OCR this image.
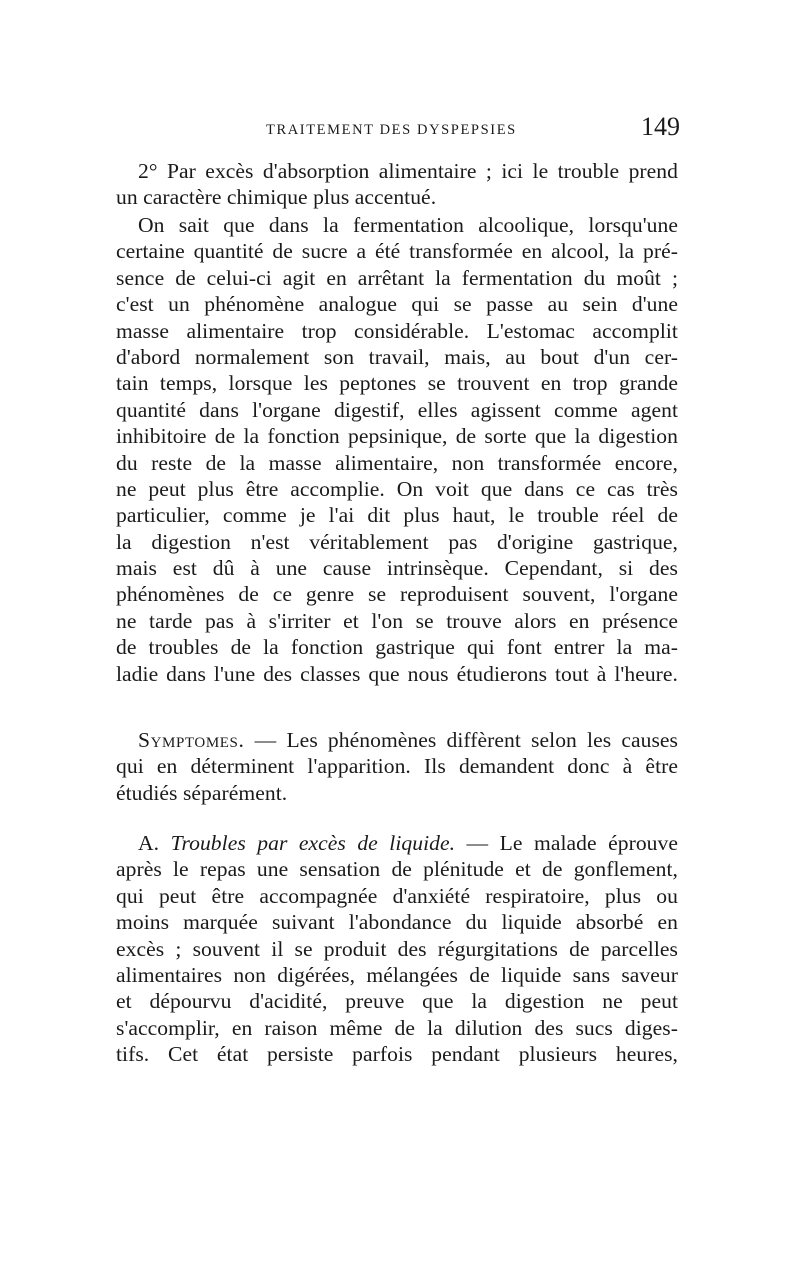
TRAITEMENT DES DYSPEPSIES	149
2° Par excès d'absorption alimentaire ; ici le trouble prend
un caractère chimique plus accentué.
On sait que dans la fermentation alcoolique, lorsqu'une
certaine quantité de sucre a été transformée en alcool, la pré-
sence de celui-ci agit en arrêtant la fermentation du moût ;
c'est un phénomène analogue qui se passe au sein d'une
masse alimentaire trop considérable. L'estomac accomplit
d'abord normalement son travail, mais, au bout d'un cer-
tain temps, lorsque les peptones se trouvent en trop grande
quantité dans l'organe digestif, elles agissent comme agent
inhibitoire de la fonction pepsinique, de sorte que la digestion
du reste de la masse alimentaire, non transformée encore,
ne peut plus être accomplie. On voit que dans ce cas très
particulier, comme je l'ai dit plus haut, le trouble réel de
la digestion n'est véritablement pas d'origine gastrique,
mais est dû à une cause intrinsèque. Cependant, si des
phénomènes de ce genre se reproduisent souvent, l'organe
ne tarde pas à s'irriter et l'on se trouve alors en présence
de troubles de la fonction gastrique qui font entrer la ma-
ladie dans l'une des classes que nous étudierons tout à l'heure.
Symptomes. — Les phénomènes diffèrent selon les causes
qui en déterminent l'apparition. Ils demandent donc à être
étudiés séparément.
A. Troubles par excès de liquide. — Le malade éprouve
après le repas une sensation de plénitude et de gonflement,
qui peut être accompagnée d'anxiété respiratoire, plus ou
moins marquée suivant l'abondance du liquide absorbé en
excès ; souvent il se produit des régurgitations de parcelles
alimentaires non digérées, mélangées de liquide sans saveur
et dépourvu d'acidité, preuve que la digestion ne peut
s'accomplir, en raison même de la dilution des sucs diges-
tifs. Cet état persiste parfois pendant plusieurs heures,
